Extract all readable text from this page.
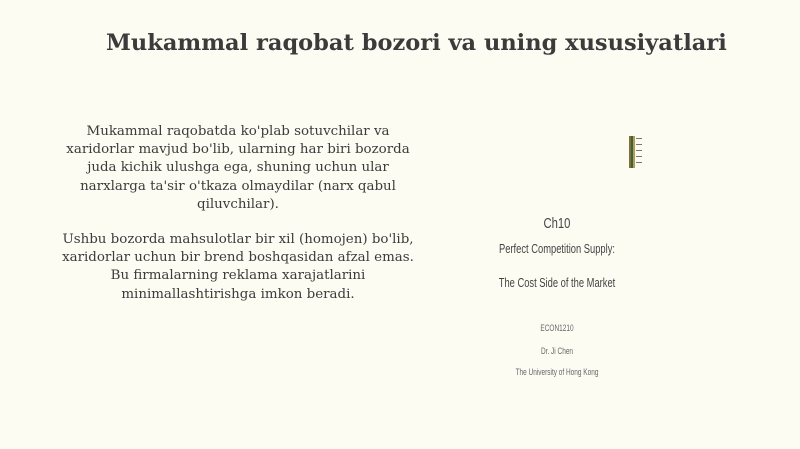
Mukammal raqobat bozori va uning xususiyatlari

Mukammal raqobatda ko'plab sotuvchilar va xaridorlar mavjud bo'lib, ularning har biri bozorda juda kichik ulushga ega, shuning uchun ular narxlarga ta'sir o'tkaza olmaydilar (narx qabul qiluvchilar).

Ushbu bozorda mahsulotlar bir xil (homojen) bo'lib, xaridorlar uchun bir brend boshqasidan afzal emas. Bu firmalarning reklama xarajatlarini minimallashtirishga imkon beradi.

Ch10
Perfect Competition Supply:
The Cost Side of the Market
ECON1210
Dr. Ji Chen
The University of Hong Kong
